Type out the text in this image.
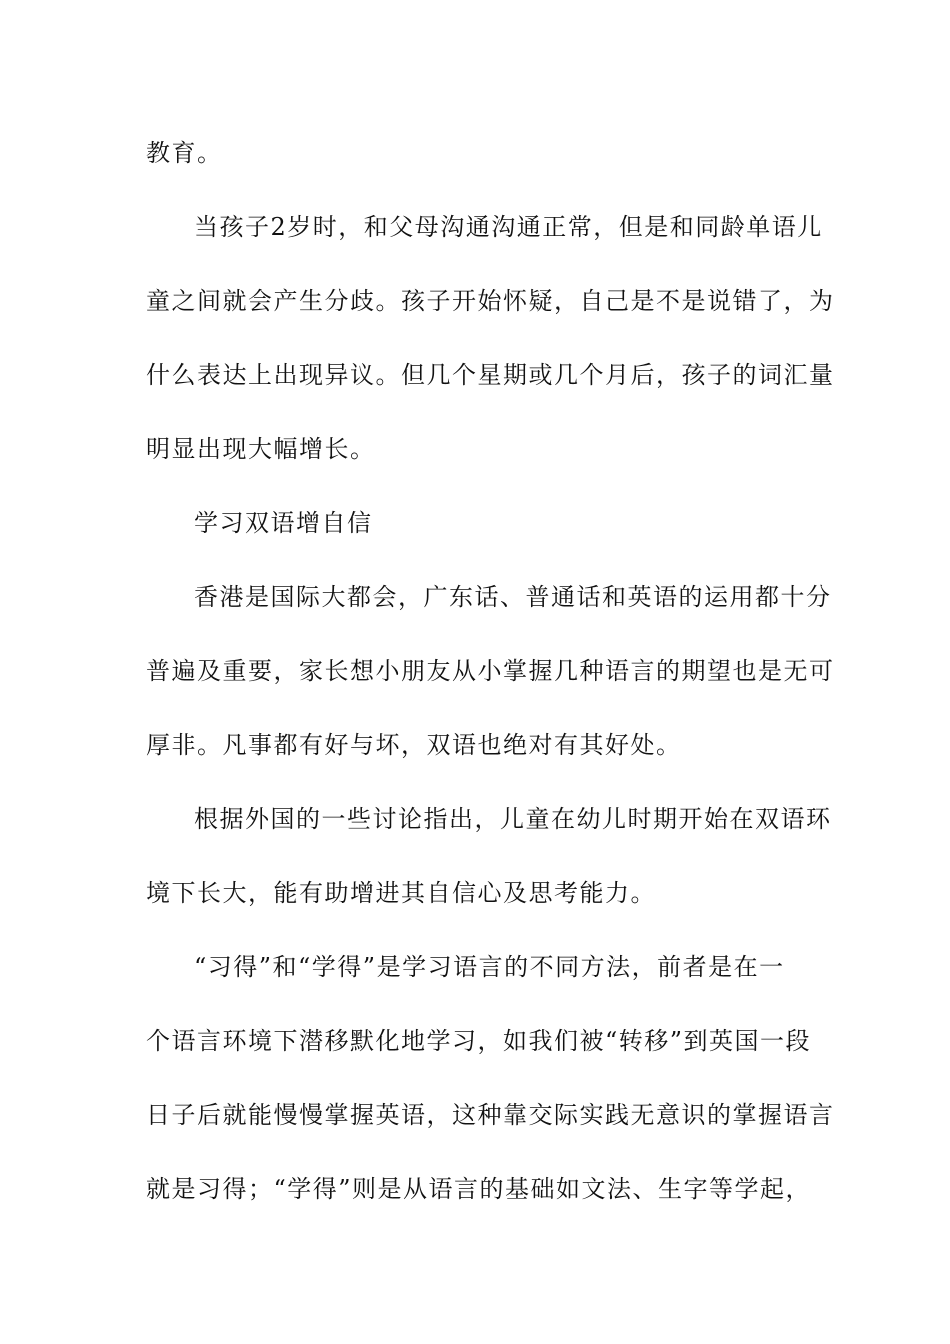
教育。
当孩子2岁时，和父母沟通沟通正常，但是和同龄单语儿
童之间就会产生分歧。孩子开始怀疑，自己是不是说错了，为
什么表达上出现异议。但几个星期或几个月后，孩子的词汇量
明显出现大幅增长。
学习双语增自信
香港是国际大都会，广东话、普通话和英语的运用都十分
普遍及重要，家长想小朋友从小掌握几种语言的期望也是无可
厚非。凡事都有好与坏，双语也绝对有其好处。
根据外国的一些讨论指出，儿童在幼儿时期开始在双语环
境下长大，能有助增进其自信心及思考能力。
“习得”和“学得”是学习语言的不同方法，前者是在一
个语言环境下潜移默化地学习，如我们被“转移”到英国一段
日子后就能慢慢掌握英语，这种靠交际实践无意识的掌握语言
就是习得；“学得”则是从语言的基础如文法、生字等学起，
